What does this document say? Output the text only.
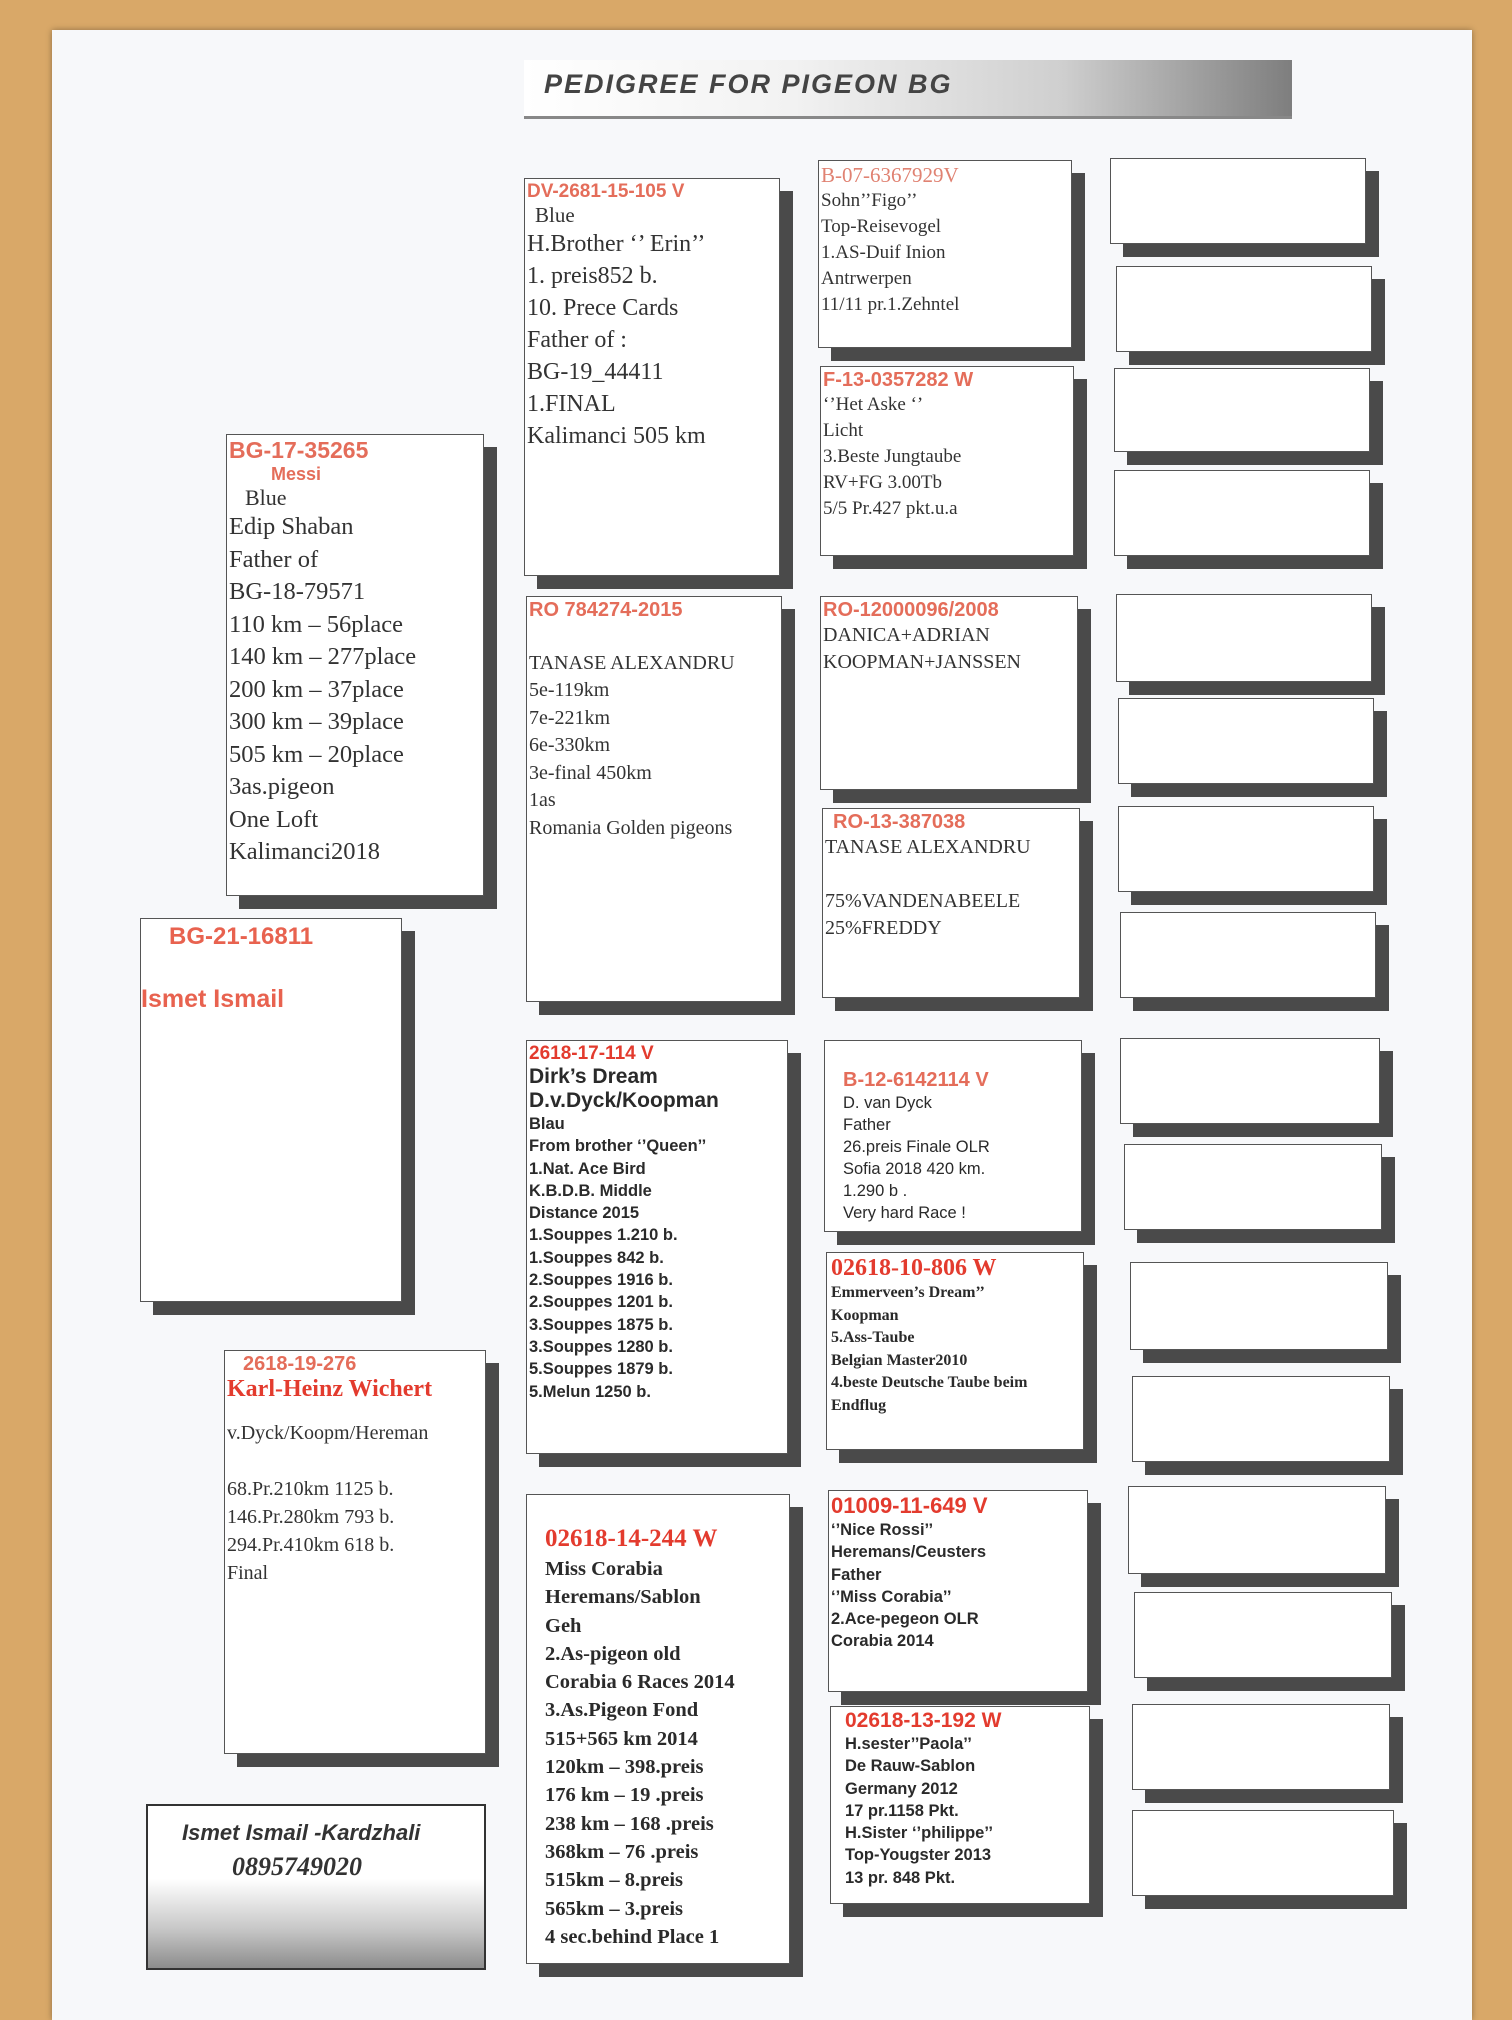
PEDIGREE FOR PIGEON BG
BG-21-16811
Ismet Ismail
BG-17-35265
Messi
Blue
Edip Shaban
Father of
BG-18-79571
110 km – 56place
140 km – 277place
200 km – 37place
300 km – 39place
505 km – 20place
3as.pigeon
One Loft
Kalimanci2018
2618-19-276
Karl-Heinz Wichert
v.Dyck/Koopm/Hereman

68.Pr.210km 1125 b.
146.Pr.280km 793 b.
294.Pr.410km 618 b.
Final
DV-2681-15-105 V
Blue
H.Brother ‘’ Erin’’
1. preis852 b.
10. Prece Cards
Father of :
BG-19_44411
1.FINAL
Kalimanci 505 km
RO 784274-2015

TANASE ALEXANDRU
5e-119km
7e-221km
6e-330km
3e-final 450km
1as
Romania Golden pigeons
2618-17-114 V
Dirk’s Dream
D.v.Dyck/Koopman
Blau
From brother ‘’Queen’’
1.Nat. Ace Bird
K.B.D.B. Middle
Distance 2015
1.Souppes 1.210 b.
1.Souppes 842 b.
2.Souppes 1916 b.
2.Souppes 1201 b.
3.Souppes 1875 b.
3.Souppes 1280 b.
5.Souppes 1879 b.
5.Melun 1250 b.
02618-14-244 W
Miss Corabia
Heremans/Sablon
Geh
2.As-pigeon old
Corabia 6 Races 2014
3.As.Pigeon Fond
515+565 km 2014
120km – 398.preis
176 km – 19 .preis
238 km – 168 .preis
368km – 76 .preis
515km – 8.preis
565km – 3.preis
4 sec.behind Place 1
B-07-6367929V
Sohn’’Figo’’
Top-Reisevogel
1.AS-Duif Inion
Antrwerpen
11/11 pr.1.Zehntel
F-13-0357282 W
‘’Het Aske ‘’
Licht
3.Beste Jungtaube
RV+FG 3.00Tb
5/5 Pr.427 pkt.u.a
RO-12000096/2008
DANICA+ADRIAN
KOOPMAN+JANSSEN
RO-13-387038
TANASE ALEXANDRU

75%VANDENABEELE
25%FREDDY
B-12-6142114 V
D. van Dyck
Father
26.preis Finale OLR
Sofia 2018 420 km.
1.290 b .
Very hard Race !
02618-10-806 W
Emmerveen’s Dream’’
Koopman
5.Ass-Taube
Belgian Master2010
4.beste Deutsche Taube beim
Endflug
01009-11-649 V
‘’Nice Rossi’’
Heremans/Ceusters
Father
‘’Miss Corabia’’
2.Ace-pegeon OLR
Corabia 2014
02618-13-192 W
H.sester’’Paola’’
De Rauw-Sablon
Germany 2012
17 pr.1158 Pkt.
H.Sister ‘’philippe’’
Top-Yougster 2013
13 pr. 848 Pkt.
Ismet Ismail -Kardzhali
0895749020
